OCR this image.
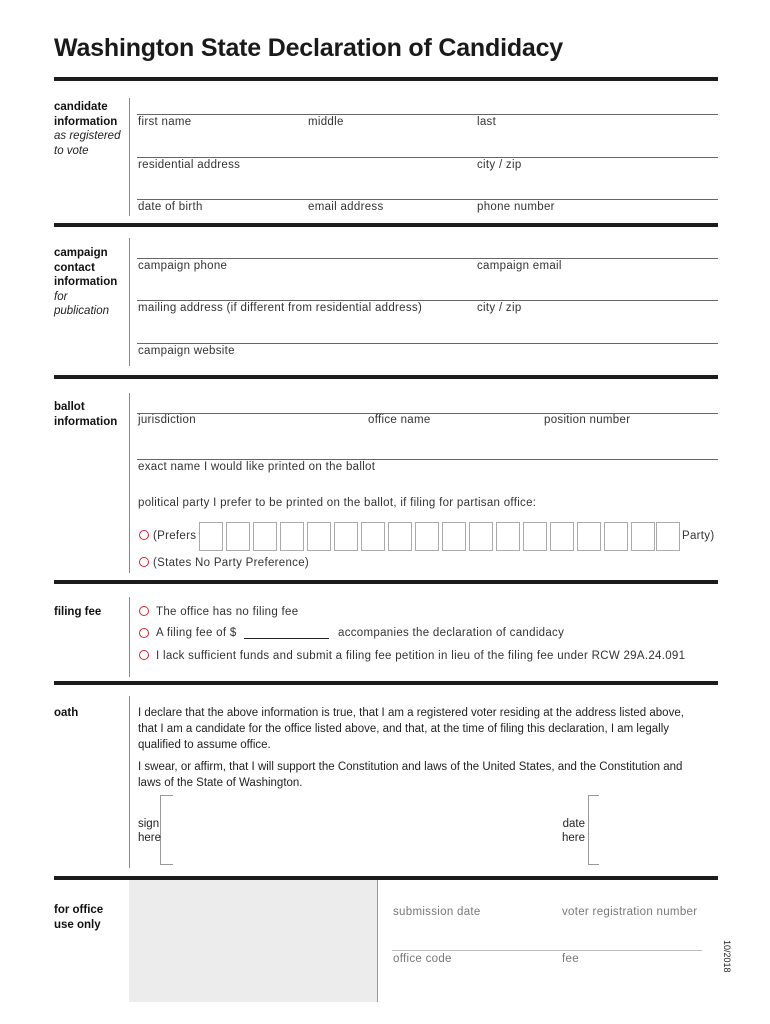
Washington State Declaration of Candidacy
candidate information
as registered to vote
first name	middle	last
residential address	city / zip
date of birth	email address	phone number
campaign contact information
for publication
campaign phone	campaign email
mailing address (if different from residential address)	city / zip
campaign website
ballot information	jurisdiction	office name	position number
exact name I would like printed on the ballot
political party I prefer to be printed on the ballot, if filing for partisan office:
(Prefers	Party)
(States No Party Preference)
filing fee	The office has no filing fee
A filing fee of $	accompanies the declaration of candidacy
I lack sufficient funds and submit a filing fee petition in lieu of the filing fee under RCW 29A.24.091
oath	I declare that the above information is true, that I am a registered voter residing at the address listed above, that I am a candidate for the office listed above, and that, at the time of filing this declaration, I am legally qualified to assume office.
I swear, or affirm, that I will support the Constitution and laws of the United States, and the Constitution and laws of the State of Washington.
sign
here
date
here
for office use only
submission date	voter registration number
office code	fee	10/2018
